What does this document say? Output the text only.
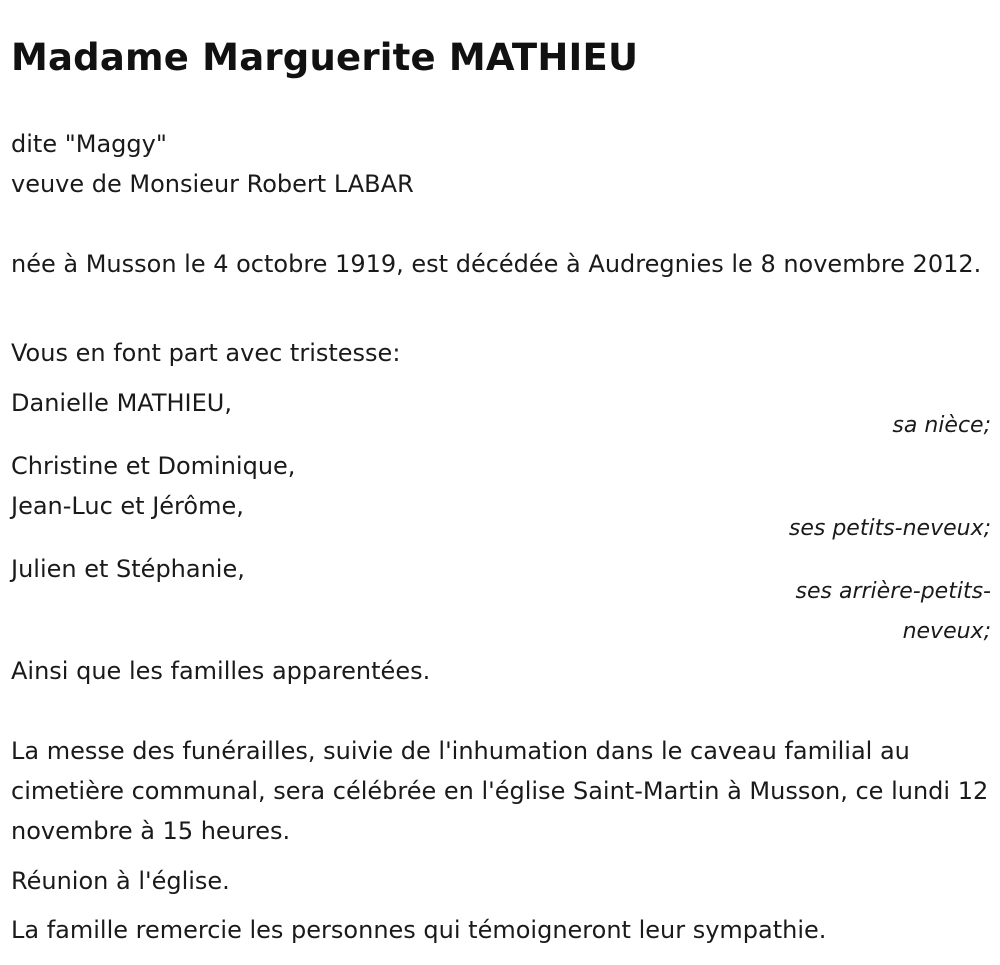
Madame Marguerite MATHIEU
dite "Maggy"
veuve de Monsieur Robert LABAR
née à Musson le 4 octobre 1919, est décédée à Audregnies le 8 novembre 2012.
Vous en font part avec tristesse:
Danielle MATHIEU,
sa nièce;
Christine et Dominique,
Jean-Luc et Jérôme,
ses petits-neveux;
Julien et Stéphanie,
ses arrière-petits-
neveux;
Ainsi que les familles apparentées.
La messe des funérailles, suivie de l'inhumation dans le caveau familial au cimetière communal, sera célébrée en l'église Saint-Martin à Musson, ce lundi 12 novembre à 15 heures.
Réunion à l'église.
La famille remercie les personnes qui témoigneront leur sympathie.
